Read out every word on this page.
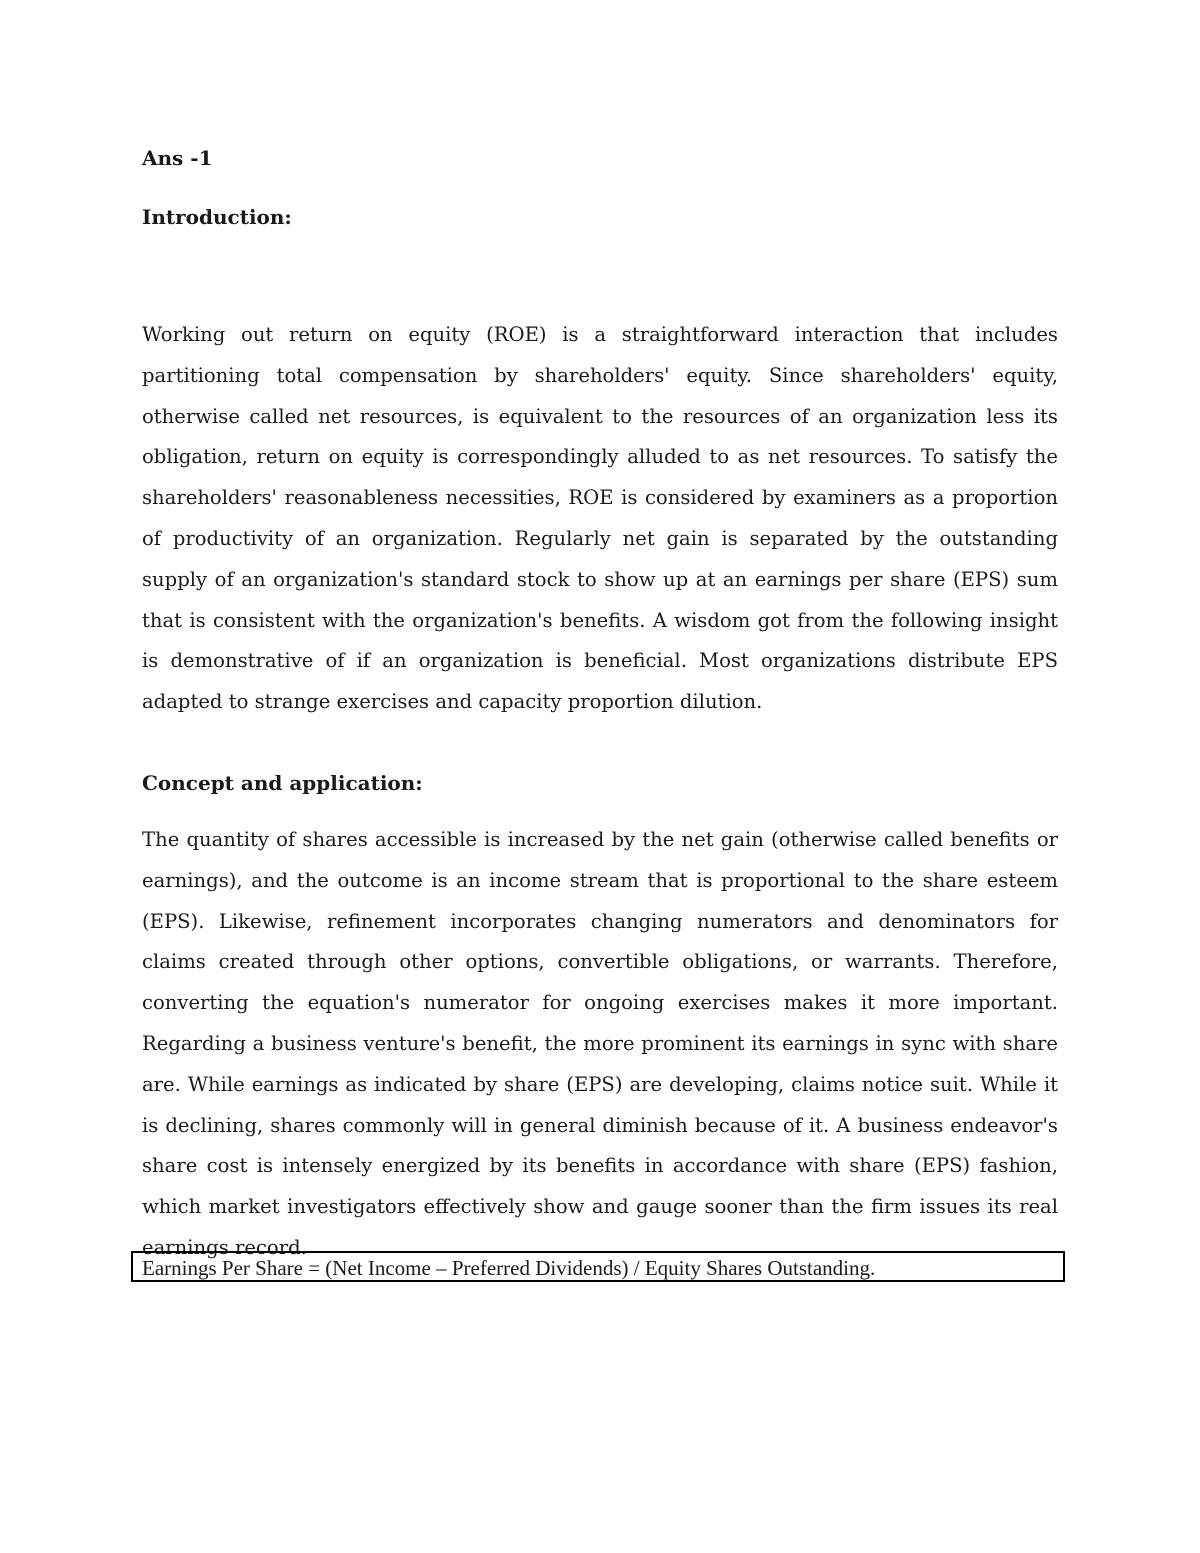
Ans -1
Introduction:

Working out return on equity (ROE) is a straightforward interaction that includes partitioning total compensation by shareholders' equity. Since shareholders' equity, otherwise called net resources, is equivalent to the resources of an organization less its obligation, return on equity is correspondingly alluded to as net resources. To satisfy the shareholders' reasonableness necessities, ROE is considered by examiners as a proportion of productivity of an organization. Regularly net gain is separated by the outstanding supply of an organization's standard stock to show up at an earnings per share (EPS) sum that is consistent with the organization's benefits. A wisdom got from the following insight is demonstrative of if an organization is beneficial. Most organizations distribute EPS adapted to strange exercises and capacity proportion dilution.

Concept and application:

The quantity of shares accessible is increased by the net gain (otherwise called benefits or earnings), and the outcome is an income stream that is proportional to the share esteem (EPS). Likewise, refinement incorporates changing numerators and denominators for claims created through other options, convertible obligations, or warrants. Therefore, converting the equation's numerator for ongoing exercises makes it more important. Regarding a business venture's benefit, the more prominent its earnings in sync with share are. While earnings as indicated by share (EPS) are developing, claims notice suit. While it is declining, shares commonly will in general diminish because of it. A business endeavor's share cost is intensely energized by its benefits in accordance with share (EPS) fashion, which market investigators effectively show and gauge sooner than the firm issues its real earnings record.

Earnings Per Share = (Net Income – Preferred Dividends) / Equity Shares Outstanding.
